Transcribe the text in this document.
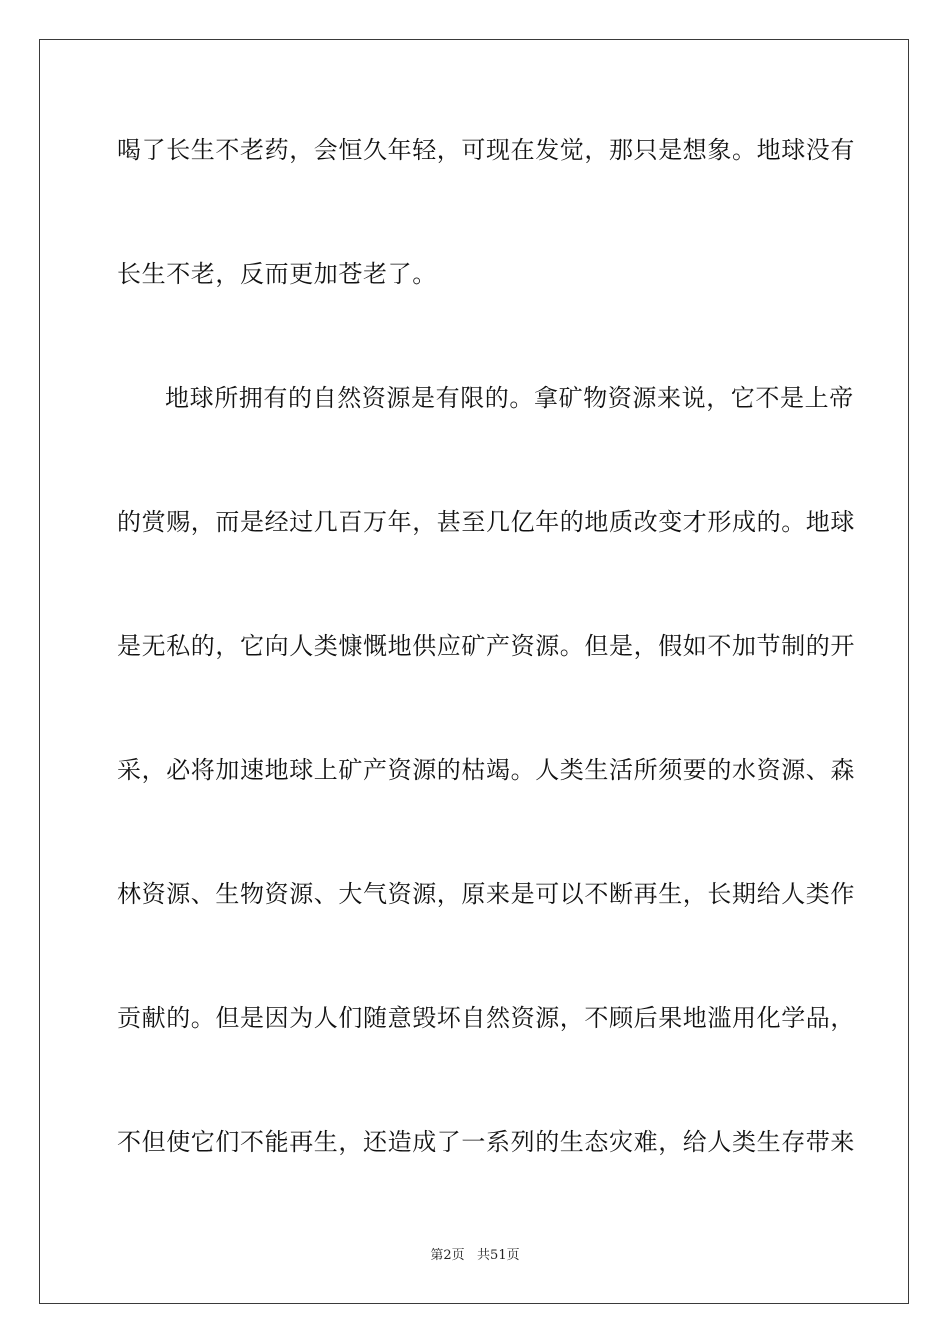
喝了长生不老药，会恒久年轻，可现在发觉，那只是想象。地球没有

长生不老，反而更加苍老了。

地球所拥有的自然资源是有限的。拿矿物资源来说，它不是上帝

的赏赐，而是经过几百万年，甚至几亿年的地质改变才形成的。地球

是无私的，它向人类慷慨地供应矿产资源。但是，假如不加节制的开

采，必将加速地球上矿产资源的枯竭。人类生活所须要的水资源、森

林资源、生物资源、大气资源，原来是可以不断再生，长期给人类作

贡献的。但是因为人们随意毁坏自然资源，不顾后果地滥用化学品，

不但使它们不能再生，还造成了一系列的生态灾难，给人类生存带来

第2页   共51页
